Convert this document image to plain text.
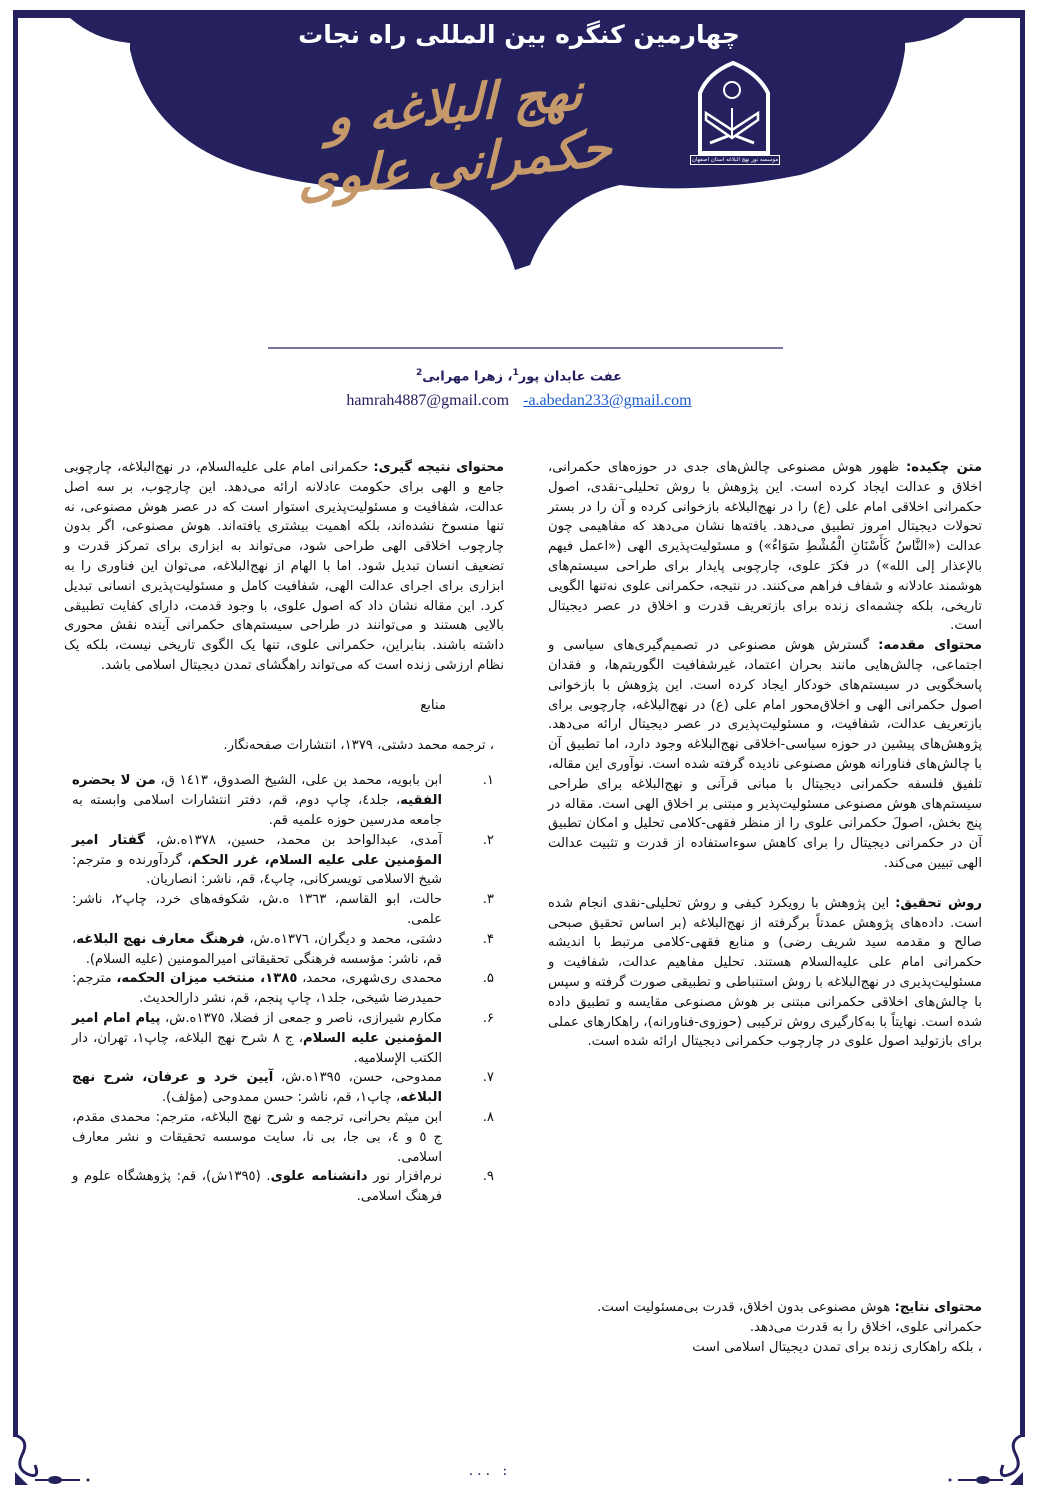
چهارمین کنگره بین المللی راه نجات
نهج البلاغه و حکمرانی علوی	موسسه نور نهج البلاغه استان اصفهان
عفت عابدان پور$^1$، زهرا مهرابی$^2$
hamrah4887@gmail.com -a.abedan233@gmail.com

متن چکیده: ظهور هوش مصنوعی چالش‌های جدی در حوزه‌های حکمرانی، اخلاق و عدالت ایجاد کرده است. این پژوهش با روش تحلیلی-نقدی، اصول حکمرانی اخلاقی امام علی (ع) را در نهج‌البلاغه بازخوانی کرده و آن را در بستر تحولات دیجیتال امروز تطبیق می‌دهد. یافته‌ها نشان می‌دهد که مفاهیمی چون عدالت («النَّاسُ كَأَسْنَانِ الْمُشْطِ سَوَاءٌ») و مسئولیت‌پذیری الهی («اعمل فیهم بالإعذار إلى الله») در فکرَ علوی، چارچوبی پایدار برای طراحی سیستم‌های هوشمند عادلانه و شفاف فراهم می‌کنند. در نتیجه، حکمرانی علوی نه‌تنها الگویی تاریخی، بلکه چشمه‌ای زنده برای بازتعریف قدرت و اخلاق در عصر دیجیتال است.

محتوای مقدمه: گسترش هوش مصنوعی در تصمیم‌گیری‌های سیاسی و اجتماعی، چالش‌هایی مانند بحران اعتماد، غیرشفافیت الگوریتم‌ها، و فقدان پاسخگویی در سیستم‌های خودکار ایجاد کرده است. این پژوهش با بازخوانی اصول حکمرانی الهی و اخلاق‌محور امام علی (ع) در نهج‌البلاغه، چارچوبی برای بازتعریف عدالت، شفافیت، و مسئولیت‌پذیری در عصر دیجیتال ارائه می‌دهد. پژوهش‌های پیشین در حوزه سیاسی-اخلاقی نهج‌البلاغه وجود دارد، اما تطبیق آن با چالش‌های فناورانه هوش مصنوعی نادیده گرفته شده است. نوآوری این مقاله، تلفیق فلسفه حکمرانی دیجیتال با مبانی قرآنی و نهج‌البلاغه برای طراحی سیستم‌های هوش مصنوعی مسئولیت‌پذیر و مبتنی بر اخلاق الهی است. مقاله در پنج بخش، اصولَ حکمرانی علوی را از منظر فقهی-کلامی تحلیل و امکان تطبیق آن در حکمرانی دیجیتال را برای کاهش سوءاستفاده از قدرت و تثبیت عدالت الهی تبیین می‌کند.

روش تحقیق: این پژوهش با رویکرد کیفی و روش تحلیلی-نقدی انجام شده است. داده‌های پژوهش عمدتاً برگرفته از نهج‌البلاغه (بر اساس تحقیق صبحی صالح و مقدمه سید شریف رضی) و منابع فقهی-کلامی مرتبط با اندیشه حکمرانی امام علی علیه‌السلام هستند. تحلیل مفاهیم عدالت، شفافیت و مسئولیت‌پذیری در نهج‌البلاغه با روش استنباطی و تطبیقی صورت گرفته و سپس با چالش‌های اخلاقی حکمرانی مبتنی بر هوش مصنوعی مقایسه و تطبیق داده شده است. نهایتاً با به‌کارگیری روش ترکیبی (حوزوی-فناورانه)، راهکارهای عملی برای بازتولید اصول علوی در چارچوب حکمرانی دیجیتال ارائه شده است.

محتوای نتایج: هوش مصنوعی بدون اخلاق، قدرت بی‌مسئولیت است.
حکمرانی علوی، اخلاق را به قدرت می‌دهد.
، بلکه راهکاری زنده برای تمدن دیجیتال اسلامی است

محتوای نتیجه گیری: حکمرانی امام علی علیه‌السلام، در نهج‌البلاغه، چارچوبی جامع و الهی برای حکومت عادلانه ارائه می‌دهد. این چارچوب، بر سه اصل عدالت، شفافیت و مسئولیت‌پذیری استوار است که در عصر هوش مصنوعی، نه تنها منسوخ نشده‌اند، بلکه اهمیت بیشتری یافته‌اند. هوش مصنوعی، اگر بدون چارچوب اخلاقی الهی طراحی شود، می‌تواند به ابزاری برای تمرکز قدرت و تضعیف انسان تبدیل شود. اما با الهام از نهج‌البلاغه، می‌توان این فناوری را به ابزاری برای اجرای عدالت الهی، شفافیت کامل و مسئولیت‌پذیری انسانی تبدیل کرد. این مقاله نشان داد که اصول علوی، با وجود قدمت، دارای کفایت تطبیقی بالایی هستند و می‌توانند در طراحی سیستم‌های حکمرانی آینده نقش محوری داشته باشند. بنابراین، حکمرانی علوی، تنها یک الگوی تاریخی نیست، بلکه یک نظام ارزشی زنده است که می‌تواند راهگشای تمدن دیجیتال اسلامی باشد.

منابع
، ترجمه محمد دشتی، ۱۳۷۹، انتشارات صفحه‌نگار.
۱.
ابن بابویه، محمد بن علی، الشیخ الصدوق، ١٤١٣ ق، من لا یحضره الفقیه، جلد٤، چاپ دوم، قم، دفتر انتشارات اسلامی وابسته به جامعه مدرسین حوزه علمیه قم.
۲.
آمدی، عبدالواحد بن محمد، حسین، ١٣٧٨ه.ش، گفتار امیر المؤمنین علی علیه السلام، غرر الحکم، گردآورنده و مترجم: شیخ الاسلامی تویسرکانی، چاپ٤، قم، ناشر: انصاریان.
۳.
حالت، ابو القاسم، ١٣٦٣ ه.ش، شکوفه‌های خرد، چاپ٢، ناشر: علمی.
۴.
دشتی، محمد و دیگران، ١٣٧٦ه.ش، فرهنگ معارف نهج البلاغه، قم، ناشر: مؤسسه فرهنگی تحقیقاتی امیرالمومنین (علیه السلام).
۵.
محمدی ری‌شهری، محمد، ١٣٨٥، منتخب میزان الحکمه، مترجم: حمیدرضا شیخی، جلد١، چاپ پنجم، قم، نشر دارالحدیث.
۶.
مکارم شیرازی، ناصر و جمعی از فضلا، ١٣٧٥ه.ش، پیام امام امیر المؤمنین علیه السلام، ج ٨ شرح نهج البلاغه، چاپ١، تهران، دار الکتب الإسلامیه.
۷.
ممدوحی، حسن، ١٣٩٥ه.ش، آیین خرد و عرفان، شرح نهج البلاغه، چاپ١، قم، ناشر: حسن ممدوحی (مؤلف).
۸.
ابن میثم بحرانی، ترجمه و شرح نهج البلاغه، مترجم: محمدی مقدم، ج ٥ و ٤، بی جا، بی نا، سایت موسسه تحقیقات و نشر معارف اسلامی.
۹.
نرم‌افزار نور دانشنامه علوی. (١٣٩٥ش)، قم: پژوهشگاه علوم و فرهنگ اسلامی.
... :
